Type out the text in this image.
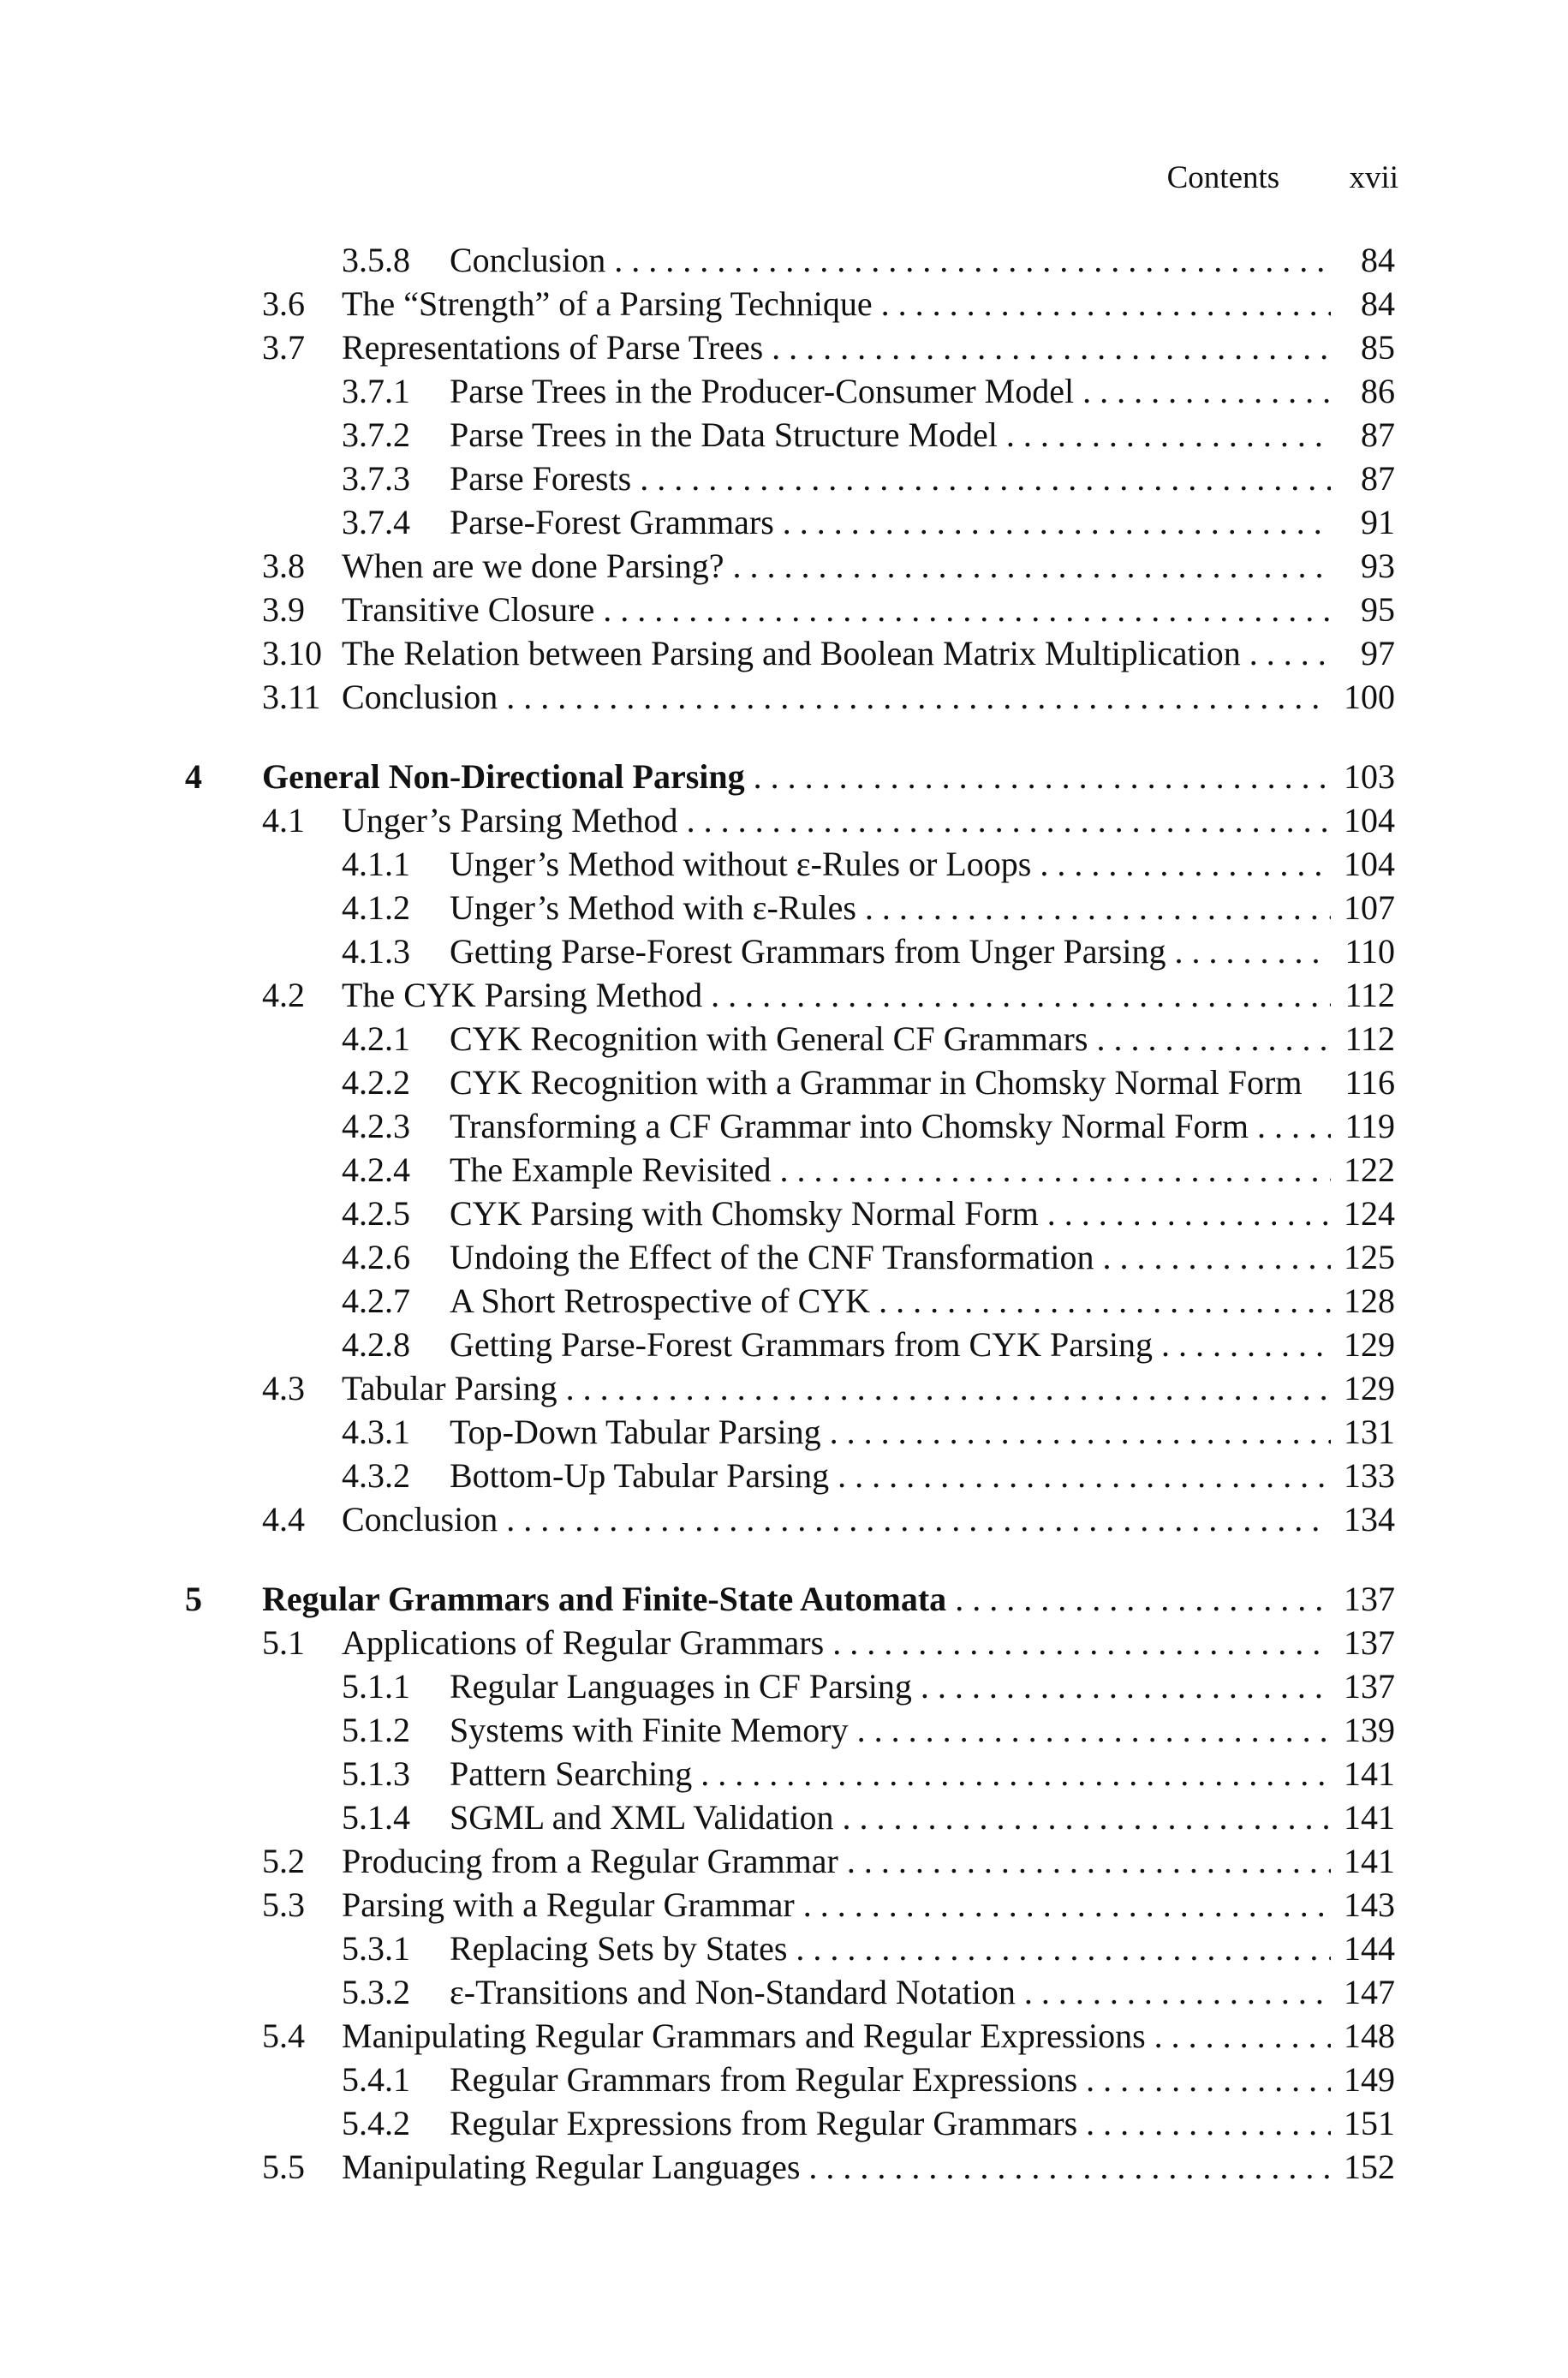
Contents xvii
3.5.8 Conclusion . . .	84
3.6 The “Strength” of a Parsing Technique . . .	84
3.7 Representations of Parse Trees . . .	85
3.7.1 Parse Trees in the Producer-Consumer Model . . .	86
3.7.2 Parse Trees in the Data Structure Model . . .	87
3.7.3 Parse Forests . . .	87
3.7.4 Parse-Forest Grammars . . .	91
3.8 When are we done Parsing? . . .	93
3.9 Transitive Closure . . .	95
3.10 The Relation between Parsing and Boolean Matrix Multiplication . . .	97
3.11 Conclusion . . .	100
4 General Non-Directional Parsing . . .	103
4.1 Unger’s Parsing Method . . .	104
4.1.1 Unger’s Method without ε-Rules or Loops . . .	104
4.1.2 Unger’s Method with ε-Rules . . .	107
4.1.3 Getting Parse-Forest Grammars from Unger Parsing . . .	110
4.2 The CYK Parsing Method . . .	112
4.2.1 CYK Recognition with General CF Grammars . . .	112
4.2.2 CYK Recognition with a Grammar in Chomsky Normal Form	116
4.2.3 Transforming a CF Grammar into Chomsky Normal Form . . .	119
4.2.4 The Example Revisited . . .	122
4.2.5 CYK Parsing with Chomsky Normal Form . . .	124
4.2.6 Undoing the Effect of the CNF Transformation . . .	125
4.2.7 A Short Retrospective of CYK . . .	128
4.2.8 Getting Parse-Forest Grammars from CYK Parsing . . .	129
4.3 Tabular Parsing . . .	129
4.3.1 Top-Down Tabular Parsing . . .	131
4.3.2 Bottom-Up Tabular Parsing . . .	133
4.4 Conclusion . . .	134
5 Regular Grammars and Finite-State Automata . . .	137
5.1 Applications of Regular Grammars . . .	137
5.1.1 Regular Languages in CF Parsing . . .	137
5.1.2 Systems with Finite Memory . . .	139
5.1.3 Pattern Searching . . .	141
5.1.4 SGML and XML Validation . . .	141
5.2 Producing from a Regular Grammar . . .	141
5.3 Parsing with a Regular Grammar . . .	143
5.3.1 Replacing Sets by States . . .	144
5.3.2 ε-Transitions and Non-Standard Notation . . .	147
5.4 Manipulating Regular Grammars and Regular Expressions . . .	148
5.4.1 Regular Grammars from Regular Expressions . . .	149
5.4.2 Regular Expressions from Regular Grammars . . .	151
5.5 Manipulating Regular Languages . . .	152
